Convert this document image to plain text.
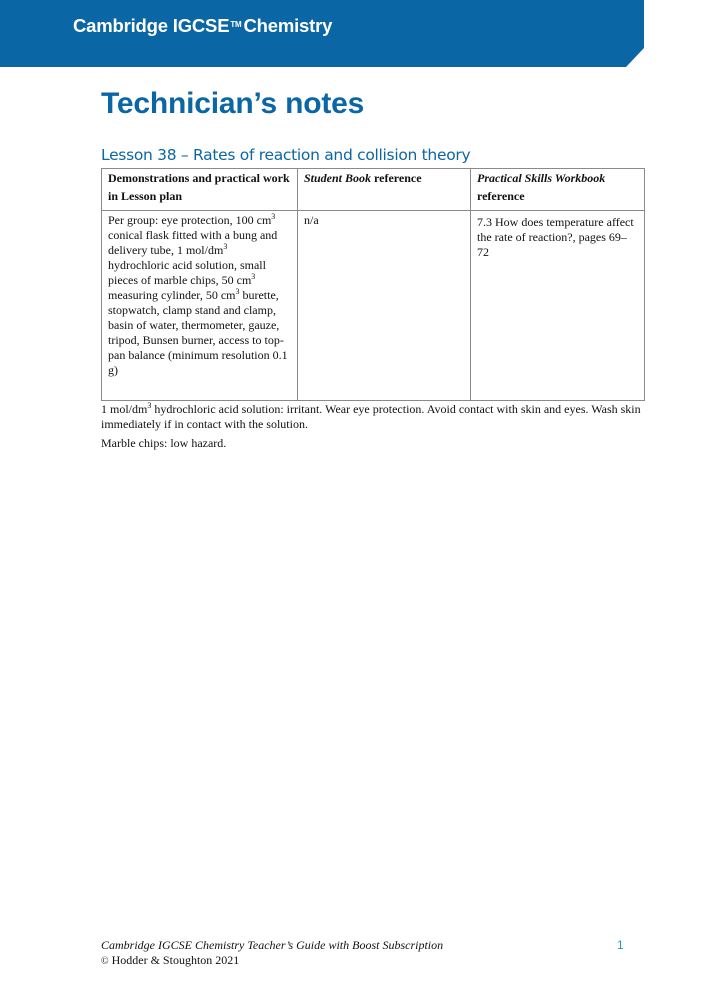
Cambridge IGCSE™ Chemistry
Technician’s notes
Lesson 38 – Rates of reaction and collision theory
Demonstrations and practical work in Lesson plan	Student Book reference	Practical Skills Workbook reference
Per group: eye protection, 100 $cm^3$ conical flask fitted with a bung and delivery tube, 1 mol/$dm^3$ hydrochloric acid solution, small pieces of marble chips, 50 $cm^3$ measuring cylinder, 50 $cm^3$ burette, stopwatch, clamp stand and clamp, basin of water, thermometer, gauze, tripod, Bunsen burner, access to top-pan balance (minimum resolution 0.1 g)	n/a	7.3 How does temperature affect the rate of reaction?, pages 69–72

1 mol/$dm^3$ hydrochloric acid solution: irritant. Wear eye protection. Avoid contact with skin and eyes. Wash skin immediately if in contact with the solution.

Marble chips: low hazard.

Cambridge IGCSE Chemistry Teacher’s Guide with Boost Subscription
© Hodder & Stoughton 2021
1
